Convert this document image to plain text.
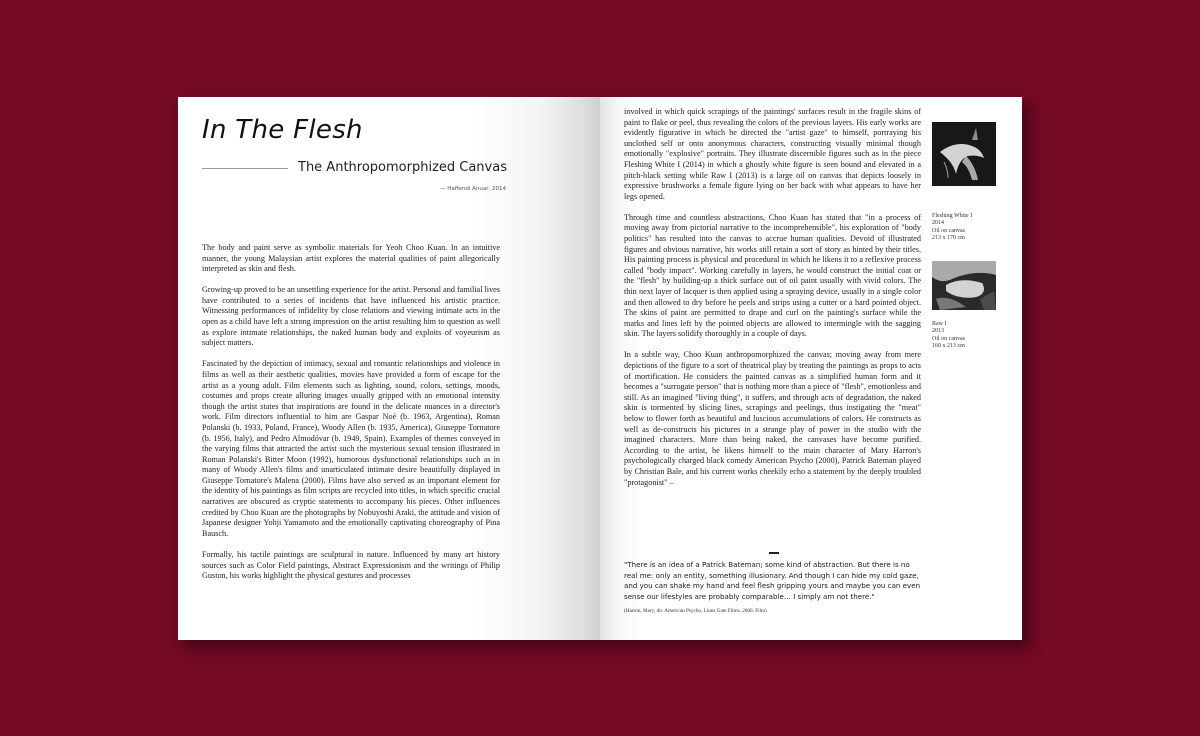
In The Flesh
The Anthropomorphized Canvas
— Haffendi Anuar, 2014

The body and paint serve as symbolic materials for Yeoh Choo Kuan. In an intuitive manner, the young Malaysian artist explores the material qualities of paint allegorically interpreted as skin and flesh.

Growing-up proved to be an unsettling experience for the artist. Personal and familial lives have contributed to a series of incidents that have influenced his artistic practice. Witnessing performances of infidelity by close relations and viewing intimate acts in the open as a child have left a strong impression on the artist resulting him to question as well as explore intimate relationships, the naked human body and exploits of voyeurism as subject matters.

Fascinated by the depiction of intimacy, sexual and romantic relationships and violence in films as well as their aesthetic qualities, movies have provided a form of escape for the artist as a young adult. Film elements such as lighting, sound, colors, settings, moods, costumes and props create alluring images usually gripped with an emotional intensity though the artist states that inspirations are found in the delicate nuances in a director's work. Film directors influential to him are Gaspar Noé (b. 1963, Argentina), Roman Polanski (b. 1933, Poland, France), Woody Allen (b. 1935, America), Giuseppe Tornatore (b. 1956, Italy), and Pedro Almodóvar (b. 1949, Spain). Examples of themes conveyed in the varying films that attracted the artist such the mysterious sexual tension illustrated in Roman Polanski's Bitter Moon (1992), humorous dysfunctional relationships such as in many of Woody Allen's films and unarticulated intimate desire beautifully displayed in Giuseppe Tornatore's Malena (2000). Films have also served as an important element for the identity of his paintings as film scripts are recycled into titles, in which specific crucial narratives are obscured as cryptic statements to accompany his pieces. Other influences credited by Choo Kuan are the photographs by Nobuyoshi Araki, the attitude and vision of Japanese designer Yohji Yamamoto and the emotionally captivating choreography of Pina Bausch.

Formally, his tactile paintings are sculptural in nature. Influenced by many art history sources such as Color Field paintings, Abstract Expressionism and the writings of Philip Guston, his works highlight the physical gestures and processes

involved in which quick scrapings of the paintings' surfaces result in the fragile skins of paint to flake or peel, thus revealing the colors of the previous layers. His early works are evidently figurative in which he directed the "artist gaze" to himself, portraying his unclothed self or onto anonymous characters, constructing visually minimal though emotionally "explosive" portraits. They illustrate discernible figures such as in the piece Fleshing White I (2014) in which a ghostly white figure is seen bound and elevated in a pitch-black setting while Raw I (2013) is a large oil on canvas that depicts loosely in expressive brushworks a female figure lying on her back with what appears to have her legs opened.

Through time and countless abstractions, Choo Kuan has stated that "in a process of moving away from pictorial narrative to the incomprehensible", his exploration of "body politics" has resulted into the canvas to accrue human qualities. Devoid of illustrated figures and obvious narrative, his works still retain a sort of story as hinted by their titles. His painting process is physical and procedural in which he likens it to a reflexive process called "body impact". Working carefully in layers, he would construct the initial coat or the "flesh" by building-up a thick surface out of oil paint usually with vivid colors. The thin next layer of lacquer is then applied using a spraying device, usually in a single color and then allowed to dry before he peels and strips using a cutter or a hard pointed object. The skins of paint are permitted to drape and curl on the painting's surface while the marks and lines left by the pointed objects are allowed to intermingle with the sagging skin. The layers solidify thoroughly in a couple of days.

In a subtle way, Choo Kuan anthropomorphized the canvas; moving away from mere depictions of the figure to a sort of theatrical play by treating the paintings as props to acts of mortification. He considers the painted canvas as a simplified human form and it becomes a "surrogate person" that is nothing more than a piece of "flesh", emotionless and still. As an imagined "living thing", it suffers, and through acts of degradation, the naked skin is tormented by slicing lines, scrapings and peelings, thus instigating the "meat" below to flower forth as beautiful and luscious accumulations of colors. He constructs as well as de-constructs his pictures in a strange play of power in the studio with the imagined characters. More than being naked, the canvases have become purified. According to the artist, he likens himself to the main character of Mary Harron's psychologically charged black comedy American Psycho (2000), Patrick Bateman played by Christian Bale, and his current works cheekily echo a statement by the deeply troubled "protagonist" –

"There is an idea of a Patrick Bateman; some kind of abstraction. But there is no real me: only an entity, something illusionary. And though I can hide my cold gaze, and you can shake my hand and feel flesh gripping yours and maybe you can even sense our lifestyles are probably comparable… I simply am not there."

(Harron, Mary, dir. American Psycho, Lions Gate Films, 2000. Film)
Fleshing White I
2014
Oil on canvas
213 x 170 cm
Raw I
2013
Oil on canvas
160 x 213 cm
